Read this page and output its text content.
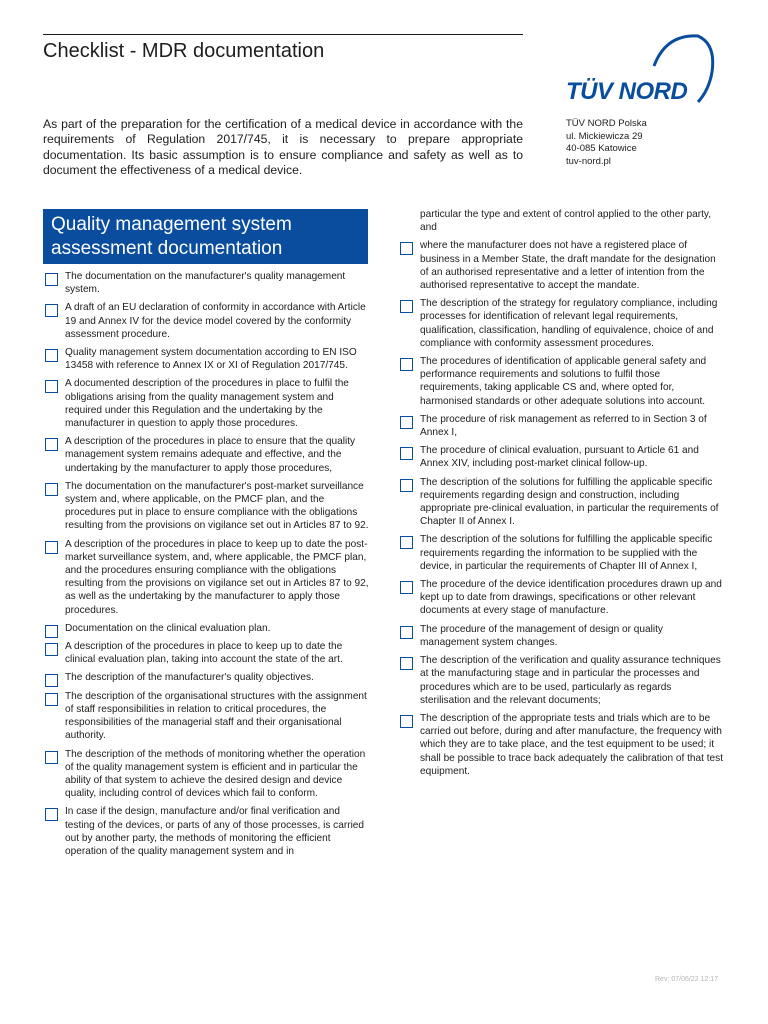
Checklist - MDR documentation
As part of the preparation for the certification of a medical device in accordance with the requirements of Regulation 2017/745, it is necessary to prepare appropriate documentation. Its basic assumption is to ensure compliance and safety as well as to document the effectiveness of a medical device.
TÜV NORD
TÜV NORD Polska
ul. Mickiewicza 29
40-085 Katowice
tuv-nord.pl
Quality management system
assessment documentation
The documentation on the manufacturer's quality management system.
A draft of an EU declaration of conformity in accordance with Article 19 and Annex IV for the device model covered by the conformity assessment procedure.
Quality management system documentation according to EN ISO 13458 with reference to Annex IX or XI of Regulation 2017/745.
A documented description of the procedures in place to fulfil the obligations arising from the quality management system and required under this Regulation and the undertaking by the manufacturer in question to apply those procedures.
A description of the procedures in place to ensure that the quality management system remains adequate and effective, and the undertaking by the manufacturer to apply those procedures,
The documentation on the manufacturer's post-market surveillance system and, where applicable, on the PMCF plan, and the procedures put in place to ensure compliance with the obligations resulting from the provisions on vigilance set out in Articles 87 to 92.
A description of the procedures in place to keep up to date the post-market surveillance system, and, where applicable, the PMCF plan, and the procedures ensuring compliance with the obligations resulting from the provisions on vigilance set out in Articles 87 to 92, as well as the undertaking by the manufacturer to apply those procedures.
Documentation on the clinical evaluation plan.
A description of the procedures in place to keep up to date the clinical evaluation plan, taking into account the state of the art.
The description of the manufacturer's quality objectives.
The description of the organisational structures with the assignment of staff responsibilities in relation to critical procedures, the responsibilities of the managerial staff and their organisational authority.
The description of the methods of monitoring whether the operation of the quality management system is efficient and in particular the ability of that system to achieve the desired design and device quality, including control of devices which fail to conform.
In case if the design, manufacture and/or final verification and testing of the devices, or parts of any of those processes, is carried out by another party, the methods of monitoring the efficient operation of the quality management system and in
particular the type and extent of control applied to the other party, and
where the manufacturer does not have a registered place of business in a Member State, the draft mandate for the designation of an authorised representative and a letter of intention from the authorised representative to accept the mandate.
The description of the strategy for regulatory compliance, including processes for identification of relevant legal requirements, qualification, classification, handling of equivalence, choice of and compliance with conformity assessment procedures.
The procedures of identification of applicable general safety and performance requirements and solutions to fulfil those requirements, taking applicable CS and, where opted for, harmonised standards or other adequate solutions into account.
The procedure of risk management as referred to in Section 3 of Annex I,
The procedure of clinical evaluation, pursuant to Article 61 and Annex XIV, including post-market clinical follow-up.
The description of the solutions for fulfilling the applicable specific requirements regarding design and construction, including appropriate pre-clinical evaluation, in particular the requirements of Chapter II of Annex I.
The description of the solutions for fulfilling the applicable specific requirements regarding the information to be supplied with the device, in particular the requirements of Chapter III of Annex I,
The procedure of the device identification procedures drawn up and kept up to date from drawings, specifications or other relevant documents at every stage of manufacture.
The procedure of the management of design or quality management system changes.
The description of the verification and quality assurance techniques at the manufacturing stage and in particular the processes and procedures which are to be used, particularly as regards sterilisation and the relevant documents;
The description of the appropriate tests and trials which are to be carried out before, during and after manufacture, the frequency with which they are to take place, and the test equipment to be used; it shall be possible to trace back adequately the calibration of that test equipment.
Rev: 07/06/22 12:17
